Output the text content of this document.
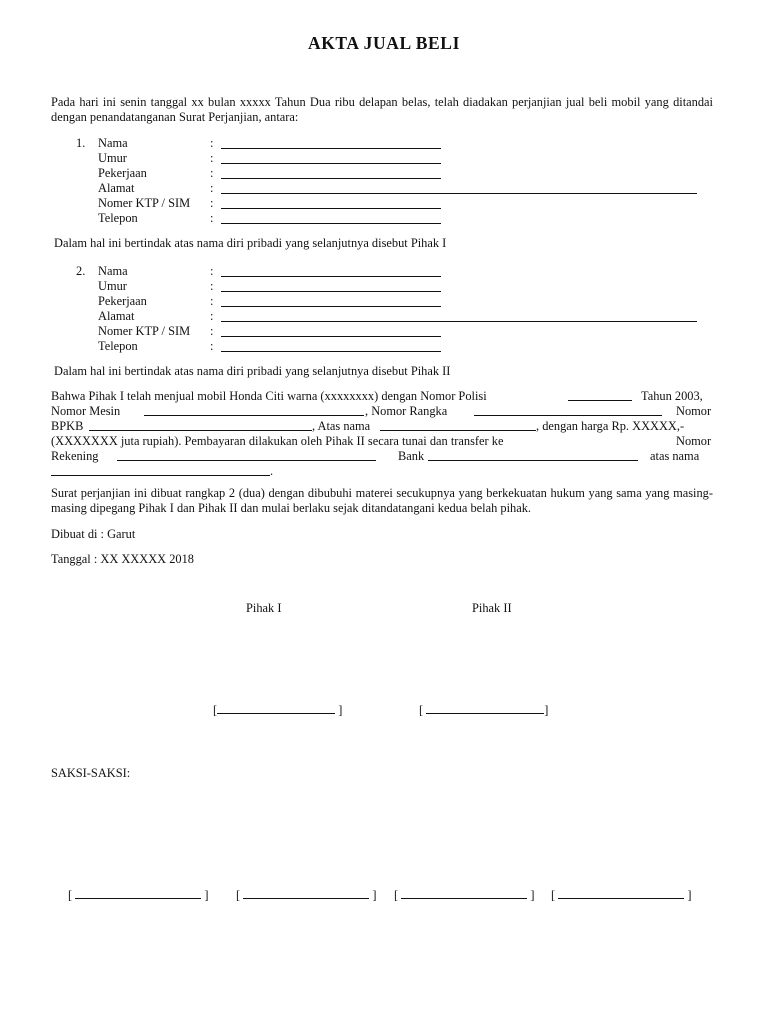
AKTA JUAL BELI
Pada hari ini senin tanggal xx bulan xxxxx Tahun Dua ribu delapan belas, telah diadakan perjanjian jual beli mobil yang ditandai dengan penandatanganan Surat Perjanjian, antara:
1. Nama	:
Umur	:
Pekerjaan	:
Alamat	:
Nomer KTP / SIM :
Telepon	:
Dalam hal ini bertindak atas nama diri pribadi yang selanjutnya disebut Pihak I
2. Nama	:
Umur	:
Pekerjaan	:
Alamat	:
Nomer KTP / SIM :
Telepon	:
Dalam hal ini bertindak atas nama diri pribadi yang selanjutnya disebut Pihak II
Bahwa Pihak I telah menjual mobil Honda Citi warna (xxxxxxxx) dengan Nomor Polisi	Tahun 2003,
Nomor Mesin	, Nomor Rangka	Nomor
BPKB	, Atas nama	, dengan harga Rp. XXXXX,-
(XXXXXXX juta rupiah). Pembayaran dilakukan oleh Pihak II secara tunai dan transfer ke	Nomor
Rekening	Bank	atas nama
.
Surat perjanjian ini dibuat rangkap 2 (dua) dengan dibubuhi materei secukupnya yang berkekuatan hukum yang sama yang masing-masing dipegang Pihak I dan Pihak II dan mulai berlaku sejak ditandatangani kedua belah pihak.
Dibuat di : Garut
Tanggal : XX XXXXX 2018
Pihak I	Pihak II
[	]	[	]
SAKSI-SAKSI:
[	] [	] [	] [	]
